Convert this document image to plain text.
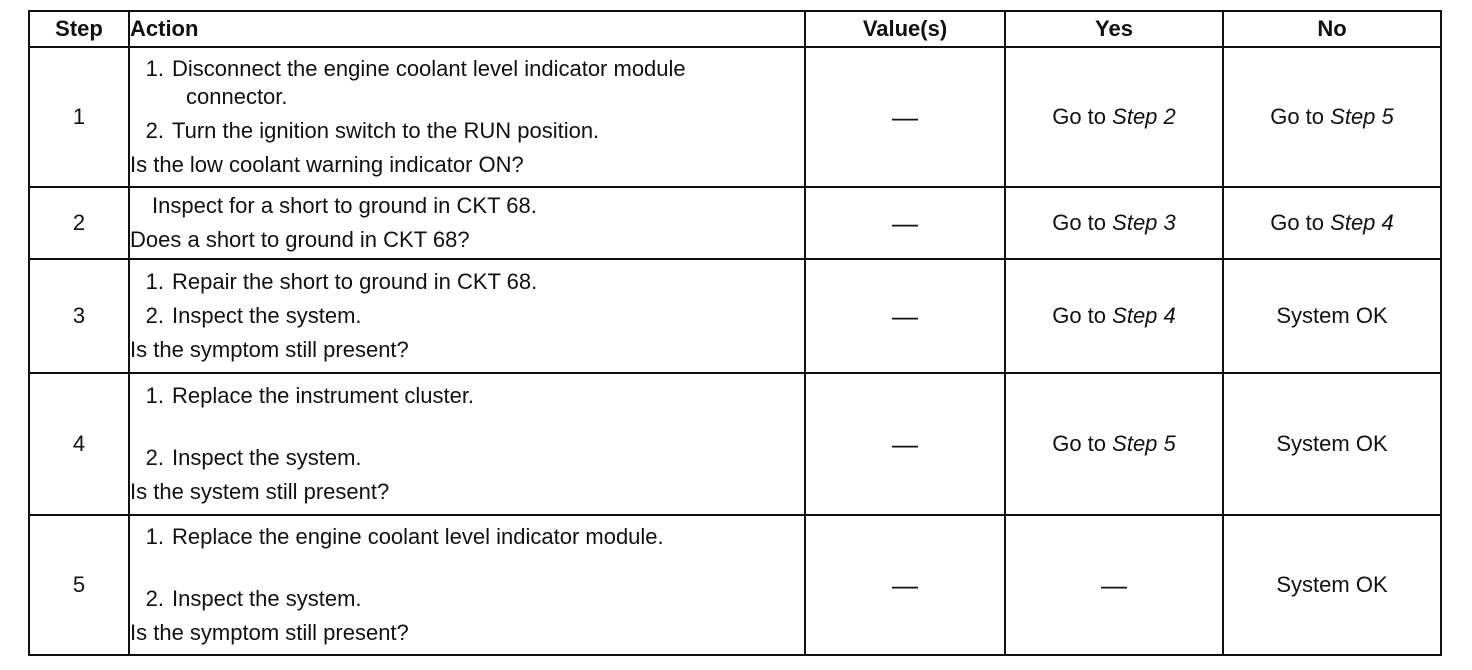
Step	Action	Value(s)	Yes	No
1	1. Disconnect the engine coolant level indicator module
connector.
2. Turn the ignition switch to the RUN position.
Is the low coolant warning indicator ON?	—	Go to Step 2	Go to Step 5
2	Inspect for a short to ground in CKT 68.
Does a short to ground in CKT 68?	—	Go to Step 3	Go to Step 4
3	1. Repair the short to ground in CKT 68.
2. Inspect the system.
Is the symptom still present?	—	Go to Step 4	System OK
4	1. Replace the instrument cluster.
2. Inspect the system.
Is the system still present?	—	Go to Step 5	System OK
5	1. Replace the engine coolant level indicator module.
2. Inspect the system.
Is the symptom still present?	—	—	System OK
